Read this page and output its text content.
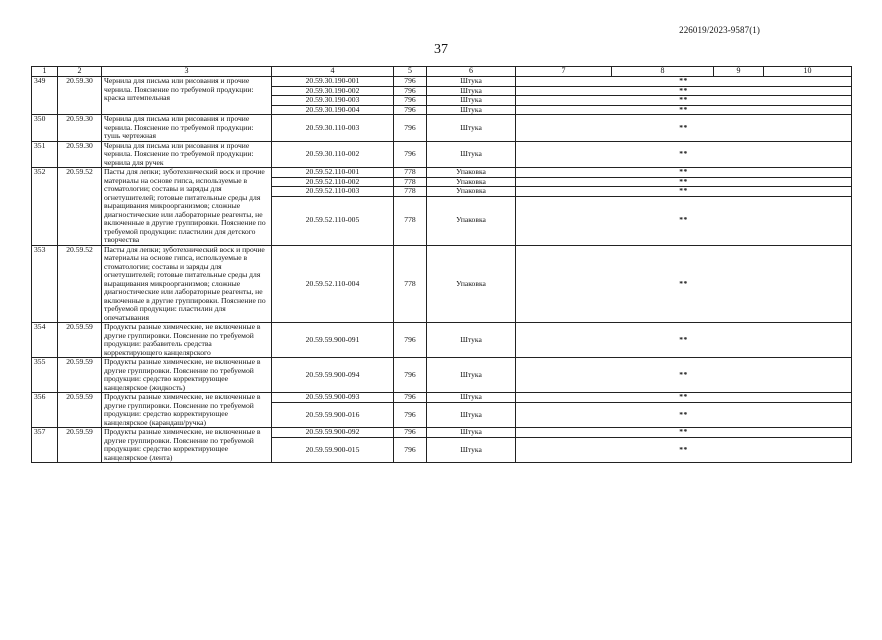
226019/2023-9587(1)
37
1	2	3	4	5	6	7	8	9	10
349	20.59.30	Чернила для письма или рисования и прочие чернила. Пояснение по требуемой продукции: краска штемпельная	20.59.30.190-001	796	Штука	**			
			20.59.30.190-002	796	Штука	**			
			20.59.30.190-003	796	Штука	**			
			20.59.30.190-004	796	Штука	**			
350	20.59.30	Чернила для письма или рисования и прочие чернила. Пояснение по требуемой продукции: тушь чертежная	20.59.30.110-003	796	Штука	**			
351	20.59.30	Чернила для письма или рисования и прочие чернила. Пояснение по требуемой продукции: чернила для ручек	20.59.30.110-002	796	Штука	**			
352	20.59.52	Пасты для лепки; зуботехнический воск и прочие материалы на основе гипса, используемые в стоматологии; составы и заряды для огнетушителей; готовые питательные среды для выращивания микроорганизмов; сложные диагностические или лабораторные реагенты, не включенные в другие группировки. Пояснение по требуемой продукции: пластилин для детского творчества	20.59.52.110-001	778	Упаковка	**			
			20.59.52.110-002	778	Упаковка	**			
			20.59.52.110-003	778	Упаковка	**			
			20.59.52.110-005	778	Упаковка	**			
353	20.59.52	Пасты для лепки; зуботехнический воск и прочие материалы на основе гипса, используемые в стоматологии; составы и заряды для огнетушителей; готовые питательные среды для выращивания микроорганизмов; сложные диагностические или лабораторные реагенты, не включенные в другие группировки. Пояснение по требуемой продукции: пластилин для опечатывания	20.59.52.110-004	778	Упаковка	**			
354	20.59.59	Продукты разные химические, не включенные в другие группировки. Пояснение по требуемой продукции: разбавитель средства корректирующего канцелярского	20.59.59.900-091	796	Штука	**			
355	20.59.59	Продукты разные химические, не включенные в другие группировки. Пояснение по требуемой продукции: средство корректирующее канцелярское (жидкость)	20.59.59.900-094	796	Штука	**			
356	20.59.59	Продукты разные химические, не включенные в другие группировки. Пояснение по требуемой продукции: средство корректирующее канцелярское (карандаш/ручка)	20.59.59.900-093	796	Штука	**			
			20.59.59.900-016	796	Штука	**			
357	20.59.59	Продукты разные химические, не включенные в другие группировки. Пояснение по требуемой продукции: средство корректирующее канцелярское (лента)	20.59.59.900-092	796	Штука	**			
			20.59.59.900-015	796	Штука	**			
